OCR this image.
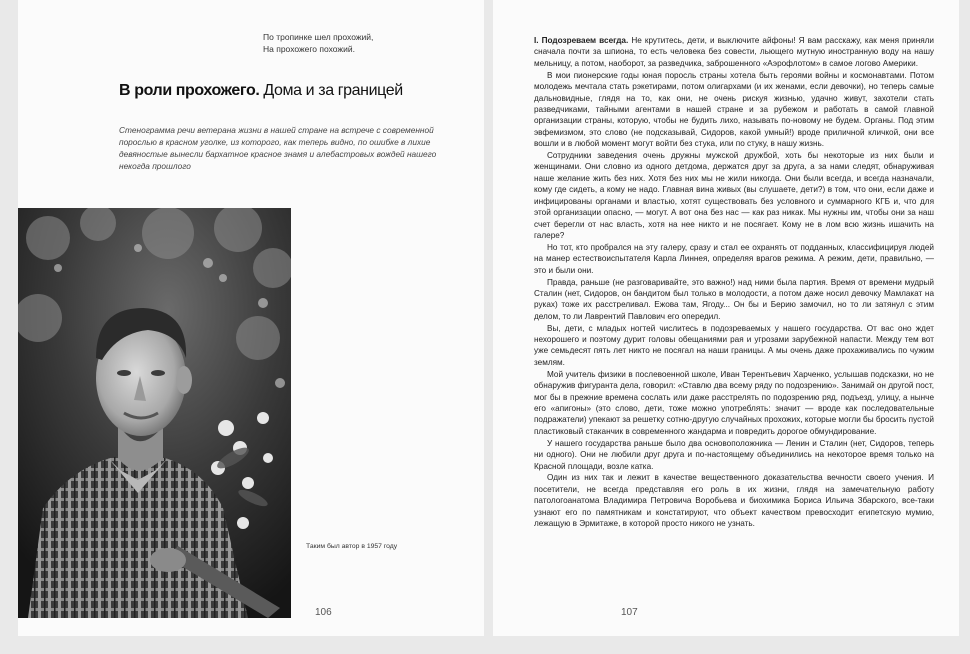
По тропинке шел прохожий,
На прохожего похожий.
В роли прохожего. Дома и за границей
Стенограмма речи ветерана жизни в нашей стране на встрече с современной порослью в красном уголке, из которого, как теперь видно, по ошибке в лихие девяностые вынесли бархатное красное знамя и алебастровых вождей нашего некогда прошлого
Таким был автор в 1957 году
106

I. Подозреваем всегда. Не крутитесь, дети, и выключите айфоны! Я вам расскажу, как меня приняли сначала почти за шпиона, то есть человека без совести, льющего мутную иностранную воду на нашу мельницу, а потом, наоборот, за разведчика, заброшенного «Аэрофлотом» в самое логово Америки.

В мои пионерские годы юная поросль страны хотела быть героями войны и космонавтами. Потом молодежь мечтала стать рэкетирами, потом олигархами (и их женами, если девочки), но теперь самые дальновидные, глядя на то, как они, не очень рискуя жизнью, удачно живут, захотели стать разведчиками, тайными агентами в нашей стране и за рубежом и работать в самой главной организации страны, которую, чтобы не будить лихо, называть по-новому не будем. Органы. Под этим эвфемизмом, это слово (не подсказывай, Сидоров, какой умный!) вроде приличной кличкой, они все вошли и в любой момент могут войти без стука, или по стуку, в нашу жизнь.

Сотрудники заведения очень дружны мужской дружбой, хоть бы некоторые из них были и женщинами. Они словно из одного детдома, держатся друг за друга, а за нами следят, обнаруживая наше желание жить без них. Хотя без них мы не жили никогда. Они были всегда, и всегда назначали, кому где сидеть, а кому не надо. Главная вина живых (вы слушаете, дети?) в том, что они, если даже и инфицированы органами и властью, хотят существовать без условного и суммарного КГБ и, что для этой организации опасно, — могут. А вот она без нас — как раз никак. Мы нужны им, чтобы они за наш счет берегли от нас власть, хотя на нее никто и не посягает. Кому не в лом всю жизнь ишачить на галере?

Но тот, кто пробрался на эту галеру, сразу и стал ее охранять от подданных, классифицируя людей на манер естествоиспытателя Карла Линнея, определяя врагов режима. А режим, дети, правильно, — это и были они.

Правда, раньше (не разговаривайте, это важно!) над ними была партия. Время от времени мудрый Сталин (нет, Сидоров, он бандитом был только в молодости, а потом даже носил девочку Мамлакат на руках) тоже их расстреливал. Ежова там, Ягоду... Он бы и Берию замочил, но то ли затянул с этим делом, то ли Лаврентий Павлович его опередил.

Вы, дети, с младых ногтей числитесь в подозреваемых у нашего государства. От вас оно ждет нехорошего и поэтому дурит головы обещаниями рая и угрозами зарубежной напасти. Между тем вот уже семьдесят пять лет никто не посягал на наши границы. А мы очень даже прохаживались по чужим землям.

Мой учитель физики в послевоенной школе, Иван Терентьевич Харченко, услышав подсказки, но не обнаружив фигуранта дела, говорил: «Ставлю два всему ряду по подозрению». Занимай он другой пост, мог бы в прежние времена сослать или даже расстрелять по подозрению ряд, подъезд, улицу, а нынче его «апигоны» (это слово, дети, тоже можно употреблять: значит — вроде как последовательные подражатели) упекают за решетку сотню-другую случайных прохожих, которые могли бы бросить пустой пластиковый стаканчик в современного жандарма и повредить дорогое обмундирование.

У нашего государства раньше было два основоположника — Ленин и Сталин (нет, Сидоров, теперь ни одного). Они не любили друг друга и по-настоящему объединились на некоторое время только на Красной площади, возле катка.

Один из них так и лежит в качестве вещественного доказательства вечности своего учения. И посетители, не всегда представляя его роль в их жизни, глядя на замечательную работу патологоанатома Владимира Петровича Воробьева и биохимика Бориса Ильича Збарского, все-таки узнают его по памятникам и констатируют, что объект качеством превосходит египетскую мумию, лежащую в Эрмитаже, в которой просто никого не узнать.

107
